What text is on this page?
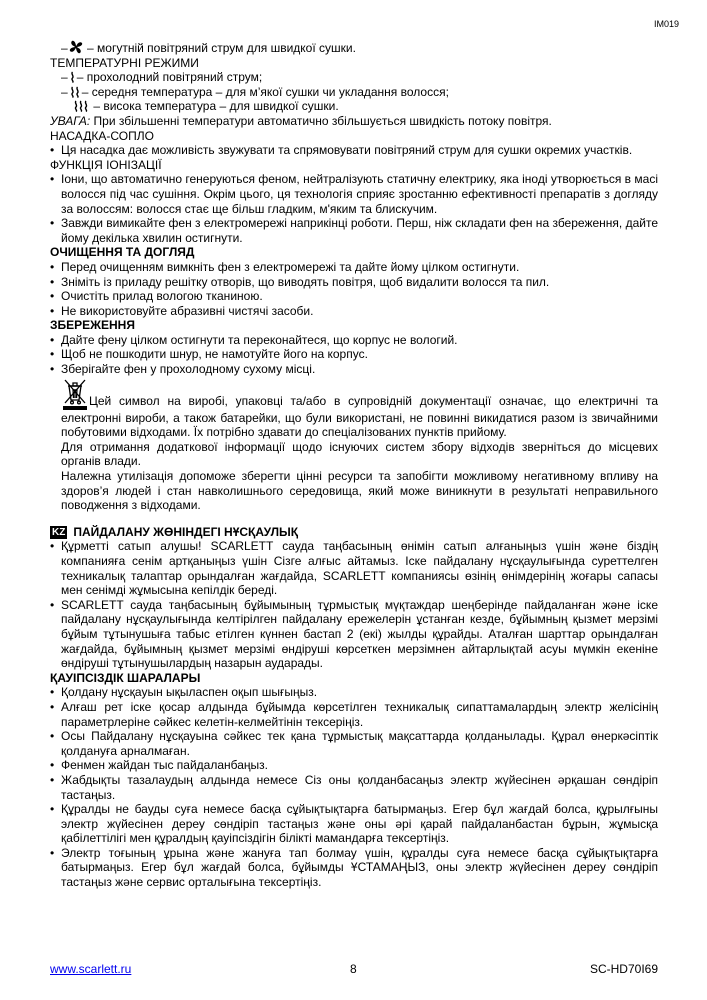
IM019

– – могутній повітряний струм для швидкої сушки.

ТЕМПЕРАТУРНІ РЕЖИМИ

– – прохолодний повітряний струм;

– – середня температура – для м’якої сушки чи укладання волосся;

– висока температура – для швидкої сушки.

УВАГА: При збільшенні температури автоматично збільшується швидкість потоку повітря.

НАСАДКА-СОПЛО

• Ця насадка дає можливість звужувати та спрямовувати повітряний струм для сушки окремих участків.

ФУНКЦІЯ ІОНІЗАЦІЇ

• Іони, що автоматично генеруються феном, нейтралізують статичну електрику, яка іноді утворюється в масі волосся під час сушіння. Окрім цього, ця технологія сприяє зростанню ефективності препаратів з догляду за волоссям: волосся стає ще більш гладким, м'яким та блискучим.
• Завжди вимикайте фен з електромережі наприкінці роботи. Перш, ніж складати фен на збереження, дайте йому декілька хвилин остигнути.

ОЧИЩЕННЯ ТА ДОГЛЯД

• Перед очищенням вимкніть фен з електромережі та дайте йому цілком остигнути.
• Зніміть із приладу решітку отворів, що виводять повітря, щоб видалити волосся та пил.
• Очистіть прилад вологою тканиною.
• Не використовуйте абразивні чистячі засоби.

ЗБЕРЕЖЕННЯ

• Дайте фену цілком остигнути та переконайтеся, що корпус не вологий.
• Щоб не пошкодити шнур, не намотуйте його на корпус.
• Зберігайте фен у прохолодному сухому місці.
Цей символ на виробі, упаковці та/або в супровідній документації означає, що електричні та електронні вироби, а також батарейки, що були використані, не повинні викидатися разом із звичайними побутовими відходами. Їх потрібно здавати до спеціалізованих пунктів прийому.

Для отримання додаткової інформації щодо існуючих систем збору відходів зверніться до місцевих органів влади.

Належна утилізація допоможе зберегти цінні ресурси та запобігти можливому негативному впливу на здоров’я людей і стан навколишнього середовища, який може виникнути в результаті неправильного поводження з відходами.

KZ ПАЙДАЛАНУ ЖӨНІНДЕГІ НҰСҚАУЛЫҚ

• Құрметті сатып алушы! SCARLETT сауда таңбасының өнімін сатып алғаныңыз үшін және біздің компанияға сенім артқаныңыз үшін Сізге алғыс айтамыз. Іске пайдалану нұсқаулығында суреттелген техникалық талаптар орындалған жағдайда, SCARLETT компаниясы өзінің өнімдерінің жоғары сапасы мен сенімді жұмысына кепілдік береді.
• SCARLETT сауда таңбасының бұйымының тұрмыстық мүқтаждар шеңберінде пайдаланған және іске пайдалану нұсқаулығында келтірілген пайдалану ережелерін ұстанған кезде, бұйымның қызмет мерзімі бұйым тұтынушыға табыс етілген күннен бастап 2 (екі) жылды құрайды. Аталған шарттар орындалған жағдайда, бұйымның қызмет мерзімі өндіруші көрсеткен мерзімнен айтарлықтай асуы мүмкін екеніне өндіруші тұтынушылардың назарын аударады.

ҚАУІПСІЗДІК ШАРАЛАРЫ

• Қолдану нұсқауын ықыласпен оқып шығыңыз.
• Алғаш рет іске қосар алдында бұйымда көрсетілген техникалық сипаттамалардың электр желісінің параметрлеріне сәйкес келетін-келмейтінін тексеріңіз.
• Осы Пайдалану нұсқауына сәйкес тек қана тұрмыстық мақсаттарда қолданылады. Құрал өнеркәсіптік қолдануға арналмаған.
• Фенмен жайдан тыс пайдаланбаңыз.
• Жабдықты тазалаудың алдында немесе Сіз оны қолданбасаңыз электр жүйесінен әрқашан сөндіріп тастаңыз.
• Құралды не бауды суға немесе басқа сұйықтықтарға батырмаңыз. Егер бұл жағдай болса, құрылғыны электр жүйесінен дереу сөндіріп тастаңыз және оны әрі қарай пайдаланбастан бұрын, жұмысқа қабілеттілігі мен құралдың қауіпсіздігін білікті мамандарға тексертіңіз.
• Электр тоғының ұрына және жануға тап болмау үшін, құралды суға немесе басқа сұйықтықтарға батырмаңыз. Егер бұл жағдай болса, бұйымды ҰСТАМАҢЫЗ, оны электр жүйесінен дереу сөндіріп тастаңыз және сервис орталығына тексертіңіз.
www.scarlett.ru	8	SC-HD70I69
